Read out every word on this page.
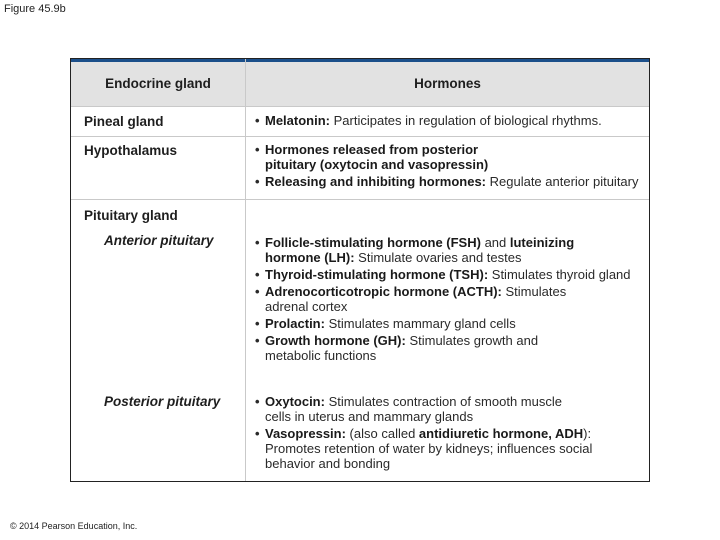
Figure 45.9b
Endocrine gland	Hormones
Pineal gland	• Melatonin: Participates in regulation of biological rhythms.
Hypothalamus	• Hormones released from posterior pituitary (oxytocin and vasopressin)
• Releasing and inhibiting hormones: Regulate anterior pituitary
Pituitary gland
Anterior pituitary	• Follicle-stimulating hormone (FSH) and luteinizing hormone (LH): Stimulate ovaries and testes
• Thyroid-stimulating hormone (TSH): Stimulates thyroid gland
• Adrenocorticotropic hormone (ACTH): Stimulates adrenal cortex
• Prolactin: Stimulates mammary gland cells
• Growth hormone (GH): Stimulates growth and metabolic functions
Posterior pituitary	• Oxytocin: Stimulates contraction of smooth muscle cells in uterus and mammary glands
• Vasopressin: (also called antidiuretic hormone, ADH): Promotes retention of water by kidneys; influences social behavior and bonding
© 2014 Pearson Education, Inc.
